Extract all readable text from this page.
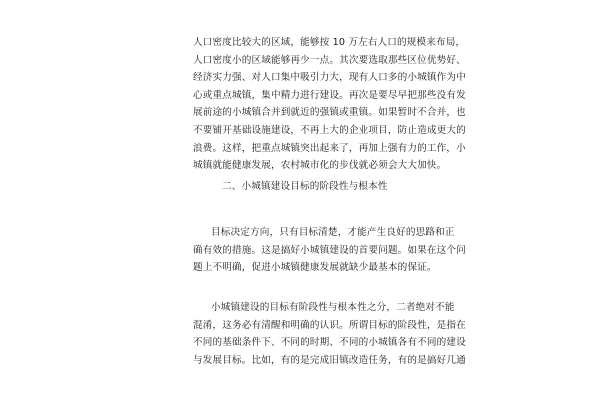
人口密度比较大的区域，能够按 10 万左右人口的规模来布局，
人口密度小的区域能够再少一点。其次要选取那些区位优势好、
经济实力强、对人口集中吸引力大，现有人口多的小城镇作为中
心或重点城镇，集中精力进行建设。再次是要尽早把那些没有发
展前途的小城镇合并到就近的强镇或重镇。如果暂时不合并，也
不要铺开基础设施建设，不再上大的企业项目，防止造成更大的
浪费。这样，把重点城镇突出起来了，再加上强有力的工作，小
城镇就能健康发展，农村城市化的步伐就必须会大大加快。
二、小城镇建设目标的阶段性与根本性
目标决定方向，只有目标清楚，才能产生良好的思路和正
确有效的措施。这是搞好小城镇建设的首要问题。如果在这个问
题上不明确，促进小城镇健康发展就缺少最基本的保证。
小城镇建设的目标有阶段性与根本性之分，二者绝对不能
混淆，这务必有清醒和明确的认识。所谓目标的阶段性，是指在
不同的基础条件下、不同的时期、不同的小城镇各有不同的建设
与发展目标。比如，有的是完成旧镇改造任务，有的是搞好几通
